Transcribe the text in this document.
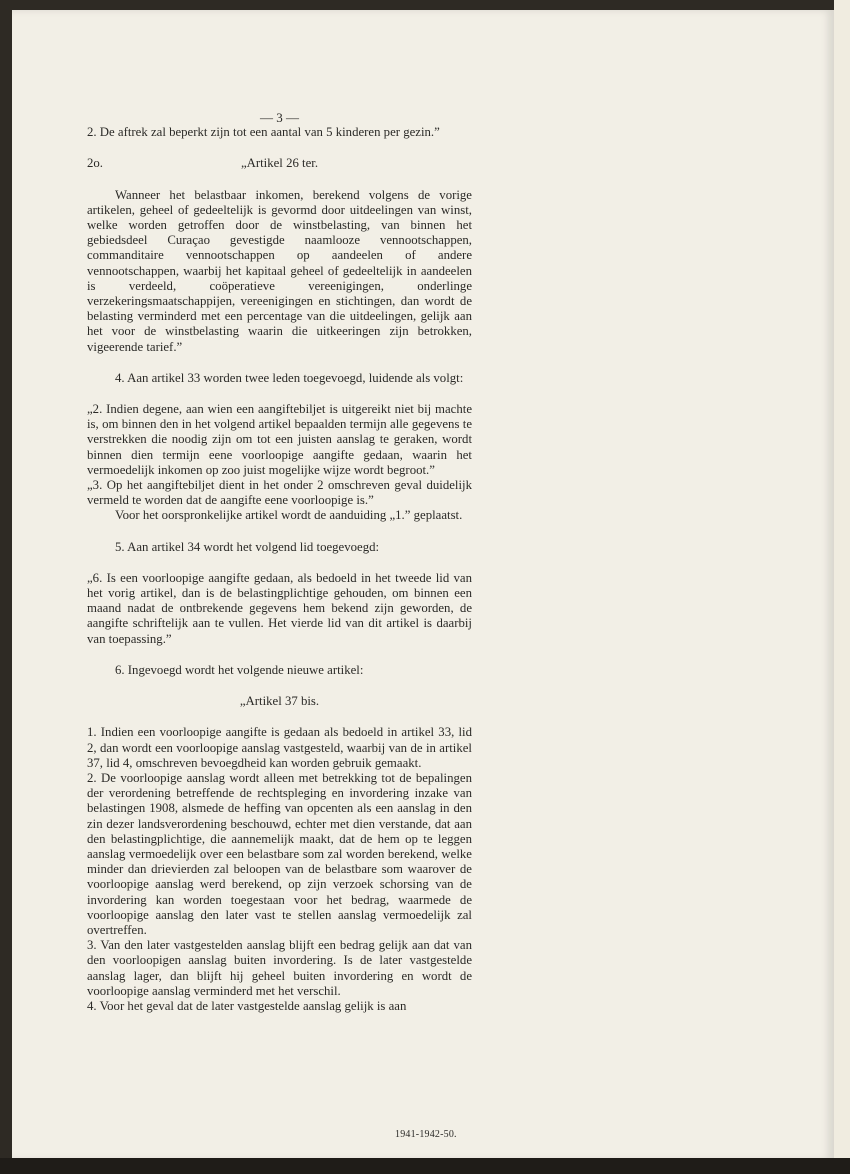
— 3 —

2. De aftrek zal beperkt zijn tot een aantal van 5 kinderen per gezin.”

2o.	„Artikel 26 ter.

Wanneer het belastbaar inkomen, berekend volgens de vorige artikelen, geheel of gedeeltelijk is gevormd door uitdeelingen van winst, welke worden getroffen door de winstbelasting, van binnen het gebiedsdeel Curaçao gevestigde naamlooze vennootschappen, commanditaire vennootschappen op aandeelen of andere vennootschappen, waarbij het kapitaal geheel of gedeeltelijk in aandeelen is verdeeld, coöperatieve vereenigingen, onderlinge verzekeringsmaatschappijen, vereenigingen en stichtingen, dan wordt de belasting verminderd met een percentage van die uitdeelingen, gelijk aan het voor de winstbelasting waarin die uitkeeringen zijn betrokken, vigeerende tarief.”

4. Aan artikel 33 worden twee leden toegevoegd, luidende als volgt:

„2. Indien degene, aan wien een aangiftebiljet is uitgereikt niet bij machte is, om binnen den in het volgend artikel bepaalden termijn alle gegevens te verstrekken die noodig zijn om tot een juisten aanslag te geraken, wordt binnen dien termijn eene voorloopige aangifte gedaan, waarin het vermoedelijk inkomen op zoo juist mogelijke wijze wordt begroot.”

„3. Op het aangiftebiljet dient in het onder 2 omschreven geval duidelijk vermeld te worden dat de aangifte eene voorloopige is.”

Voor het oorspronkelijke artikel wordt de aanduiding „1.” geplaatst.

5. Aan artikel 34 wordt het volgend lid toegevoegd:

„6. Is een voorloopige aangifte gedaan, als bedoeld in het tweede lid van het vorig artikel, dan is de belastingplichtige gehouden, om binnen een maand nadat de ontbrekende gegevens hem bekend zijn geworden, de aangifte schriftelijk aan te vullen. Het vierde lid van dit artikel is daarbij van toepassing.”

6. Ingevoegd wordt het volgende nieuwe artikel:

„Artikel 37 bis.

1. Indien een voorloopige aangifte is gedaan als bedoeld in artikel 33, lid 2, dan wordt een voorloopige aanslag vastgesteld, waarbij van de in artikel 37, lid 4, omschreven bevoegdheid kan worden gebruik gemaakt.

2. De voorloopige aanslag wordt alleen met betrekking tot de bepalingen der verordening betreffende de rechtspleging en invordering inzake van belastingen 1908, alsmede de heffing van opcenten als een aanslag in den zin dezer landsverordening beschouwd, echter met dien verstande, dat aan den belastingplichtige, die aannemelijk maakt, dat de hem op te leggen aanslag vermoedelijk over een belastbare som zal worden berekend, welke minder dan drievierden zal beloopen van de belastbare som waarover de voorloopige aanslag werd berekend, op zijn verzoek schorsing van de invordering kan worden toegestaan voor het bedrag, waarmede de voorloopige aanslag den later vast te stellen aanslag vermoedelijk zal overtreffen.

3. Van den later vastgestelden aanslag blijft een bedrag gelijk aan dat van den voorloopigen aanslag buiten invordering. Is de later vastgestelde aanslag lager, dan blijft hij geheel buiten invordering en wordt de voorloopige aanslag verminderd met het verschil.

4. Voor het geval dat de later vastgestelde aanslag gelijk is aan

1941-1942-50.
